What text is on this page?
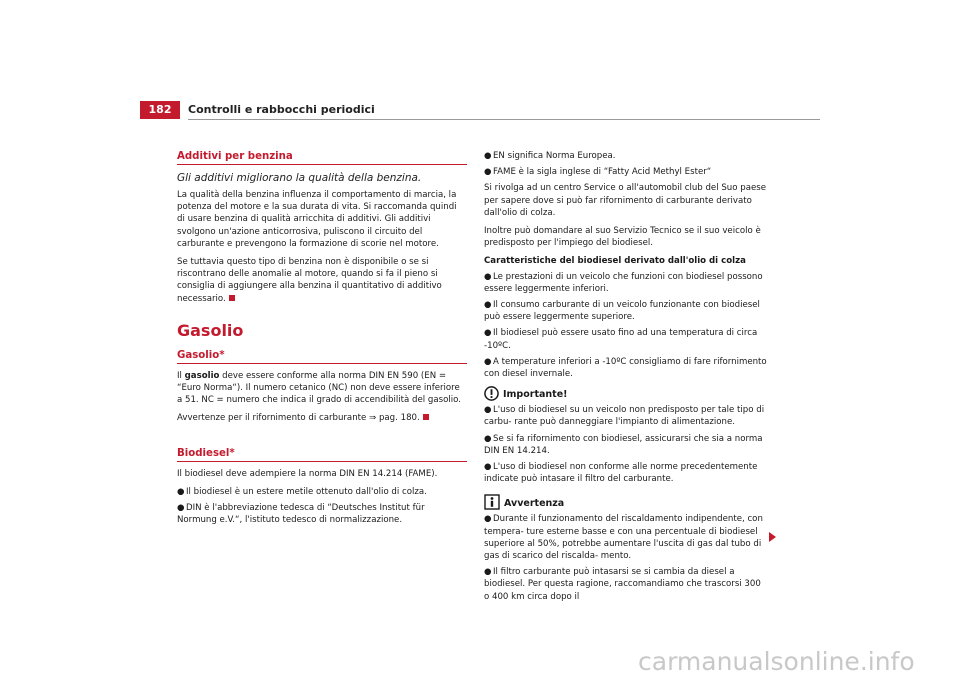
182	Controlli e rabbocchi periodici
Additivi per benzina
Gli additivi migliorano la qualità della benzina.

La qualità della benzina influenza il comportamento di marcia, la potenza del motore e la sua durata di vita. Si raccomanda quindi di usare benzina di qualità arricchita di additivi. Gli additivi svolgono un'azione anticorrosiva, puliscono il circuito del carburante e prevengono la formazione di scorie nel motore.

Se tuttavia questo tipo di benzina non è disponibile o se si riscontrano delle anomalie al motore, quando si fa il pieno si consiglia di aggiungere alla benzina il quantitativo di additivo necessario.

Gasolio
Gasolio*

Il gasolio deve essere conforme alla norma DIN EN 590 (EN = “Euro Norma“). Il numero cetanico (NC) non deve essere inferiore a 51. NC = numero che indica il grado di accendibilità del gasolio.

Avvertenze per il rifornimento di carburante ⇒ pag. 180.

Biodiesel*

Il biodiesel deve adempiere la norma DIN EN 14.214 (FAME).

● Il biodiesel è un estere metile ottenuto dall'olio di colza.
● DIN è l'abbreviazione tedesca di “Deutsches Institut für Normung e.V.“, l'istituto tedesco di normalizzazione.
● EN significa Norma Europea.
● FAME è la sigla inglese di “Fatty Acid Methyl Ester“

Si rivolga ad un centro Service o all'automobil club del Suo paese per sapere dove si può far rifornimento di carburante derivato dall'olio di colza.

Inoltre può domandare al suo Servizio Tecnico se il suo veicolo è predisposto per l'impiego del biodiesel.

Caratteristiche del biodiesel derivato dall'olio di colza
● Le prestazioni di un veicolo che funzioni con biodiesel possono essere leggermente inferiori.
● Il consumo carburante di un veicolo funzionante con biodiesel può essere leggermente superiore.
● Il biodiesel può essere usato fino ad una temperatura di circa -10ºC.
● A temperature inferiori a -10ºC consigliamo di fare rifornimento con diesel invernale.
Importante!
● L'uso di biodiesel su un veicolo non predisposto per tale tipo di carbu- rante può danneggiare l'impianto di alimentazione.
● Se si fa rifornimento con biodiesel, assicurarsi che sia a norma DIN EN 14.214.
● L'uso di biodiesel non conforme alle norme precedentemente indicate può intasare il filtro del carburante.
Avvertenza
● Durante il funzionamento del riscaldamento indipendente, con tempera- ture esterne basse e con una percentuale di biodiesel superiore al 50%, potrebbe aumentare l'uscita di gas dal tubo di gas di scarico del riscalda- mento.
● Il filtro carburante può intasarsi se si cambia da diesel a biodiesel. Per questa ragione, raccomandiamo che trascorsi 300 o 400 km circa dopo il
carmanualsonline.info
